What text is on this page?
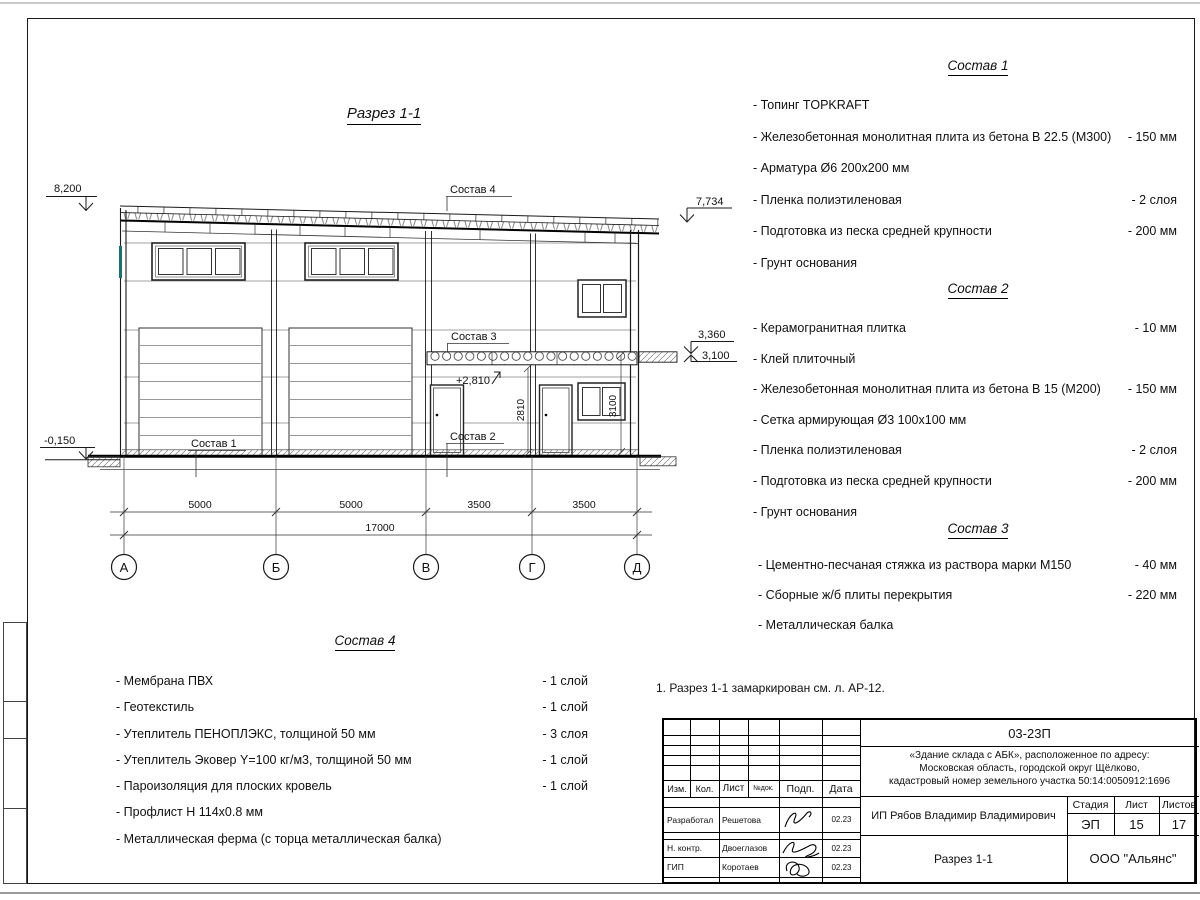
8,200
-0,150
7,734
3,360
3,100
+2,810
Состав 4
Состав 3
Состав 1
Состав 2
2810	3100
5000	5000	3500	3500
17000
А	Б	В	Г	Д
Разрез 1-1
Состав 1
- Топинг TOPKRAFT
- Железобетонная монолитная плита из бетона В 22.5 (М300) - 150 мм
- Арматура Ø6 200х200 мм
- Пленка полиэтиленовая	- 2 слоя
- Подготовка из песка средней крупности	- 200 мм
- Грунт основания
Состав 2
- Керамогранитная плитка	- 10 мм
- Клей плиточный
- Железобетонная монолитная плита из бетона В 15 (М200) - 150 мм
- Сетка армирующая Ø3 100х100 мм
- Пленка полиэтиленовая	- 2 слоя
- Подготовка из песка средней крупности	- 200 мм
- Грунт основания
Состав 3
- Цементно-песчаная стяжка из раствора марки М150	- 40 мм
- Сборные ж/б плиты перекрытия	- 220 мм
- Металлическая балка
Состав 4
- Мембрана ПВХ	- 1 слой
- Геотекстиль	- 1 слой
- Утеплитель ПЕНОПЛЭКС, толщиной 50 мм	- 3 слоя
- Утеплитель Эковер Y=100 кг/м3, толщиной 50 мм	- 1 слой
- Пароизоляция для плоских кровель	- 1 слой
- Профлист Н 114х0.8 мм
- Металлическая ферма (с торца металлическая балка)
1. Разрез 1-1 замаркирован см. л. АР-12.
Изм. Кол. Лист	№док.	Подп.	Дата
Разработал	Решетова	02.23
Н. контр.	Двоеглазов	02.23
ГИП	Коротаев	02.23
03-23П
«Здание склада с АБК», расположенное по адресу:
Московская область, городской округ Щёлково,
кадастровый номер земельного участка 50:14:0050912:1696
ИП Рябов Владимир Владимирович
Стадия	Лист	Листов
ЭП	15	17
Разрез 1-1	ООО "Альянс"
